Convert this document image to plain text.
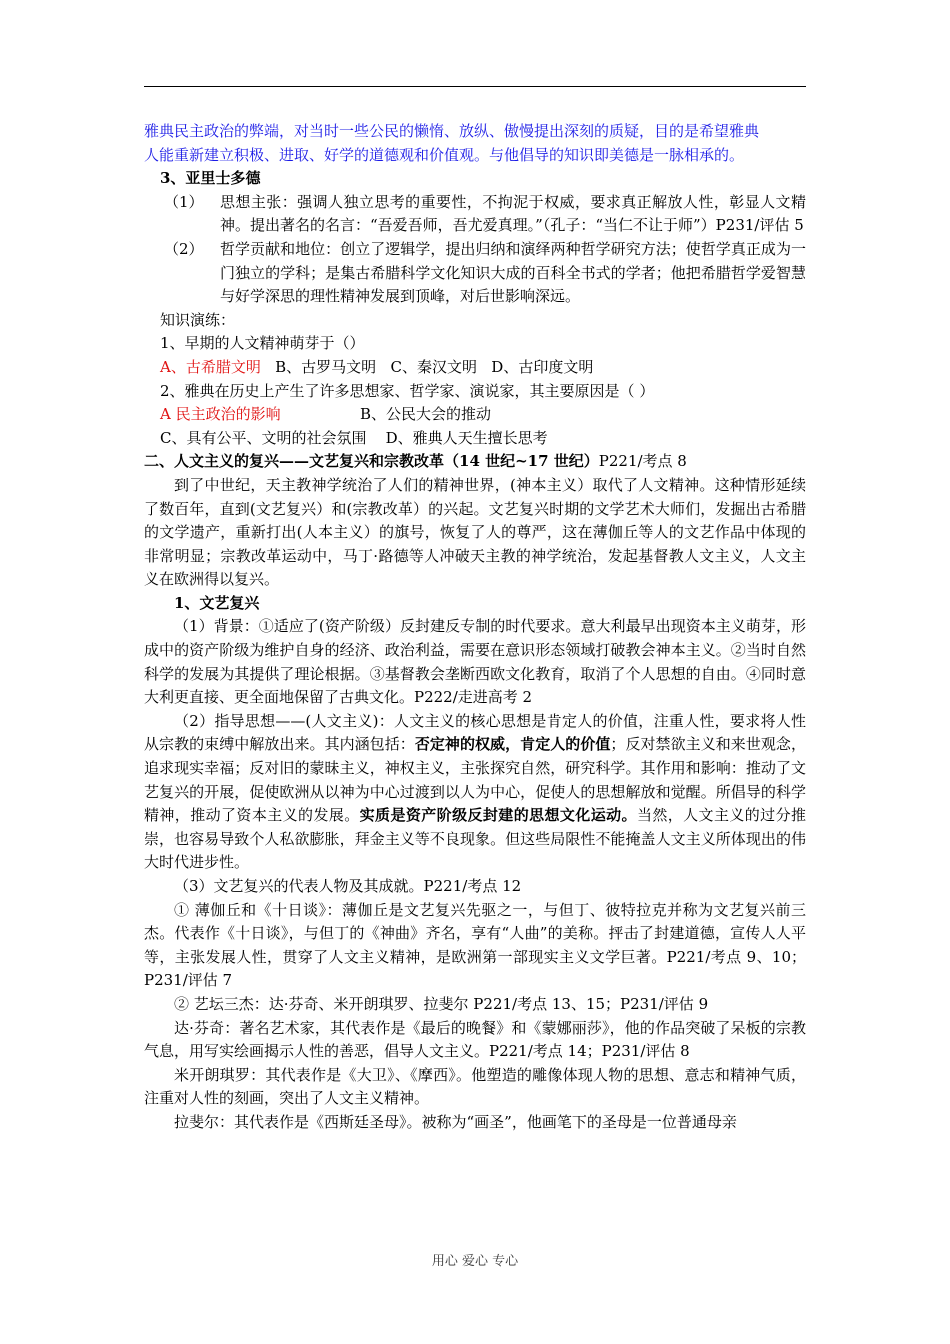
雅典民主政治的弊端，对当时一些公民的懒惰、放纵、傲慢提出深刻的质疑，目的是希望雅典

人能重新建立积极、进取、好学的道德观和价值观。与他倡导的知识即美德是一脉相承的。

3、亚里士多德

（1）	思想主张：强调人独立思考的重要性，不拘泥于权威，要求真正解放人性，彰显人文精神。提出著名的名言：“吾爱吾师，吾尤爱真理。”（孔子：“当仁不让于师”）P231/评估 5
（2）	哲学贡献和地位：创立了逻辑学，提出归纳和演绎两种哲学研究方法；使哲学真正成为一门独立的学科；是集古希腊科学文化知识大成的百科全书式的学者；他把希腊哲学爱智慧与好学深思的理性精神发展到顶峰，对后世影响深远。

知识演练：

1、早期的人文精神萌芽于（）

A、古希腊文明 B、古罗马文明 C、秦汉文明 D、古印度文明

2、雅典在历史上产生了许多思想家、哲学家、演说家，其主要原因是（ ）

A 民主政治的影响	B、公民大会的推动

C、具有公平、文明的社会氛围 D、雅典人天生擅长思考

二、人文主义的复兴——文艺复兴和宗教改革（14 世纪~17 世纪）P221/考点 8

到了中世纪，天主教神学统治了人们的精神世界，(神本主义）取代了人文精神。这种情形延续了数百年，直到(文艺复兴）和(宗教改革）的兴起。文艺复兴时期的文学艺术大师们，发掘出古希腊的文学遗产，重新打出(人本主义）的旗号，恢复了人的尊严，这在薄伽丘等人的文艺作品中体现的非常明显；宗教改革运动中，马丁·路德等人冲破天主教的神学统治，发起基督教人文主义，人文主义在欧洲得以复兴。

1、文艺复兴

（1）背景：①适应了(资产阶级）反封建反专制的时代要求。意大利最早出现资本主义萌芽，形成中的资产阶级为维护自身的经济、政治利益，需要在意识形态领域打破教会神本主义。②当时自然科学的发展为其提供了理论根据。③基督教会垄断西欧文化教育，取消了个人思想的自由。④同时意大利更直接、更全面地保留了古典文化。P222/走进高考 2

（2）指导思想——(人文主义)：人文主义的核心思想是肯定人的价值，注重人性，要求将人性从宗教的束缚中解放出来。其内涵包括：否定神的权威，肯定人的价值；反对禁欲主义和来世观念，追求现实幸福；反对旧的蒙昧主义，神权主义，主张探究自然，研究科学。其作用和影响：推动了文艺复兴的开展，促使欧洲从以神为中心过渡到以人为中心，促使人的思想解放和觉醒。所倡导的科学精神，推动了资本主义的发展。实质是资产阶级反封建的思想文化运动。当然，人文主义的过分推崇，也容易导致个人私欲膨胀，拜金主义等不良现象。但这些局限性不能掩盖人文主义所体现出的伟大时代进步性。

（3）文艺复兴的代表人物及其成就。P221/考点 12

① 薄伽丘和《十日谈》：薄伽丘是文艺复兴先驱之一，与但丁、彼特拉克并称为文艺复兴前三杰。代表作《十日谈》，与但丁的《神曲》齐名，享有“人曲”的美称。抨击了封建道德，宣传人人平等，主张发展人性，贯穿了人文主义精神，是欧洲第一部现实主义文学巨著。P221/考点 9、10；P231/评估 7

② 艺坛三杰：达·芬奇、米开朗琪罗、拉斐尔 P221/考点 13、15；P231/评估 9

达·芬奇：著名艺术家，其代表作是《最后的晚餐》和《蒙娜丽莎》，他的作品突破了呆板的宗教气息，用写实绘画揭示人性的善恶，倡导人文主义。P221/考点 14；P231/评估 8

米开朗琪罗：其代表作是《大卫》、《摩西》。他塑造的雕像体现人物的思想、意志和精神气质，注重对人性的刻画，突出了人文主义精神。

拉斐尔：其代表作是《西斯廷圣母》。被称为“画圣”，他画笔下的圣母是一位普通母亲

用心 爱心 专心
